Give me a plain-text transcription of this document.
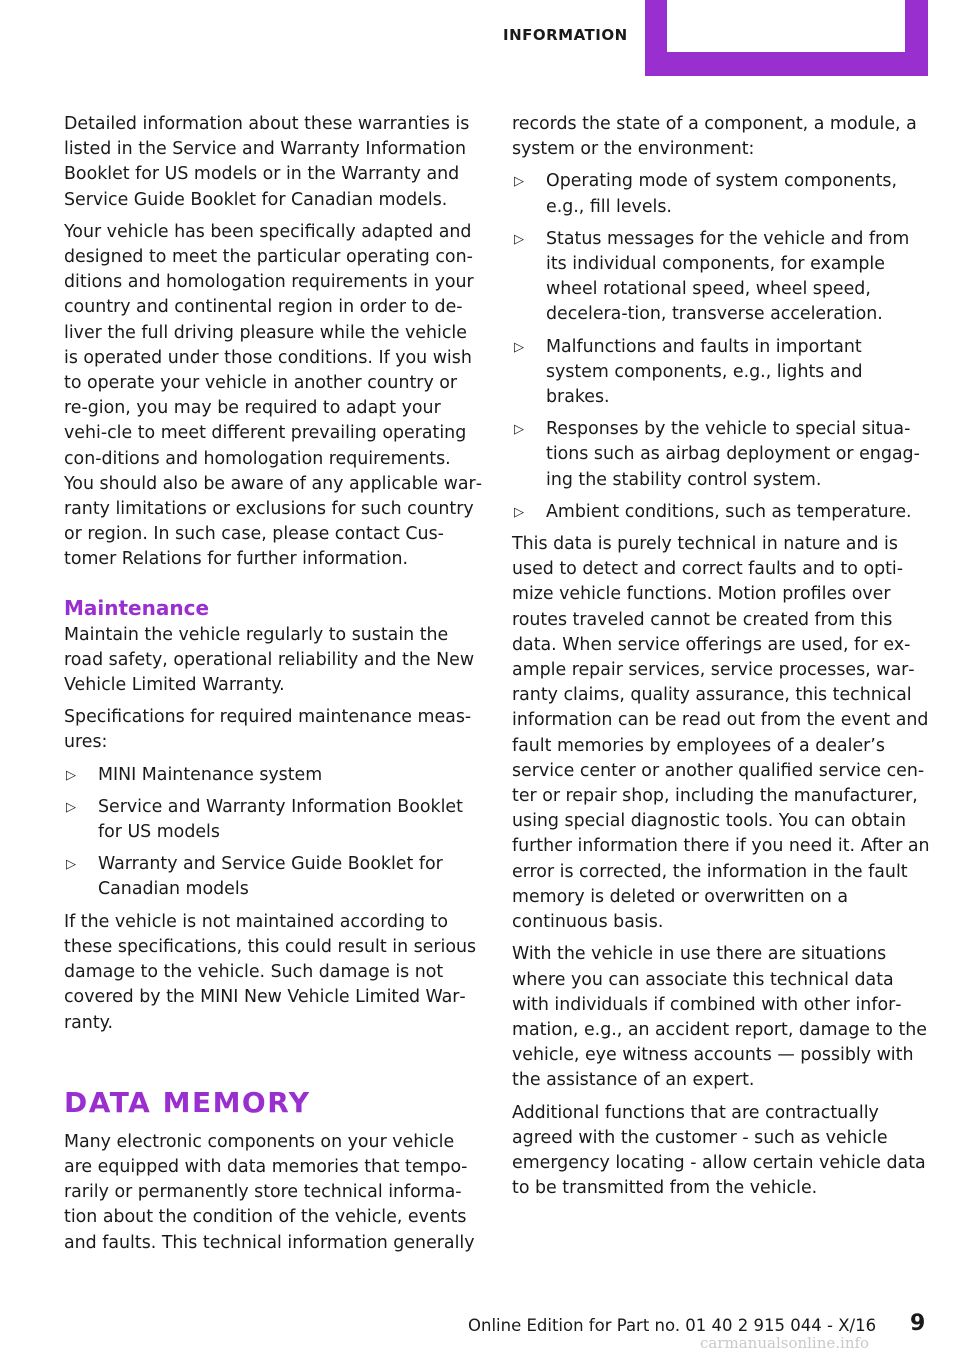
INFORMATION

Detailed information about these warranties is listed in the Service and Warranty Information Booklet for US models or in the Warranty and Service Guide Booklet for Canadian models.

Your vehicle has been specifically adapted and designed to meet the particular operating con‐ditions and homologation requirements in your country and continental region in order to de‐liver the full driving pleasure while the vehicle is operated under those conditions. If you wish to operate your vehicle in another country or re‐gion, you may be required to adapt your vehi‐cle to meet different prevailing operating con‐ditions and homologation requirements. You should also be aware of any applicable war‐ranty limitations or exclusions for such country or region. In such case, please contact Cus‐tomer Relations for further information.

Maintenance

Maintain the vehicle regularly to sustain the road safety, operational reliability and the New Vehicle Limited Warranty.

Specifications for required maintenance meas‐ures:

▷ MINI Maintenance system
▷ Service and Warranty Information Booklet for US models
▷ Warranty and Service Guide Booklet for Canadian models

If the vehicle is not maintained according to these specifications, this could result in serious damage to the vehicle. Such damage is not covered by the MINI New Vehicle Limited War‐ranty.

DATA MEMORY

Many electronic components on your vehicle are equipped with data memories that tempo‐rarily or permanently store technical informa‐tion about the condition of the vehicle, events and faults. This technical information generally

records the state of a component, a module, a system or the environment:

▷ Operating mode of system components, e.g., fill levels.
▷ Status messages for the vehicle and from its individual components, for example wheel rotational speed, wheel speed, decelera‐tion, transverse acceleration.
▷ Malfunctions and faults in important system components, e.g., lights and brakes.
▷ Responses by the vehicle to special situa‐tions such as airbag deployment or engag‐ing the stability control system.
▷ Ambient conditions, such as temperature.

This data is purely technical in nature and is used to detect and correct faults and to opti‐mize vehicle functions. Motion profiles over routes traveled cannot be created from this data. When service offerings are used, for ex‐ample repair services, service processes, war‐ranty claims, quality assurance, this technical information can be read out from the event and fault memories by employees of a dealer’s service center or another qualified service cen‐ter or repair shop, including the manufacturer, using special diagnostic tools. You can obtain further information there if you need it. After an error is corrected, the information in the fault memory is deleted or overwritten on a continuous basis.

With the vehicle in use there are situations where you can associate this technical data with individuals if combined with other infor‐mation, e.g., an accident report, damage to the vehicle, eye witness accounts — possibly with the assistance of an expert.

Additional functions that are contractually agreed with the customer - such as vehicle emergency locating - allow certain vehicle data to be transmitted from the vehicle.

Online Edition for Part no. 01 40 2 915 044 - X/16 9
carmanualsonline.info
